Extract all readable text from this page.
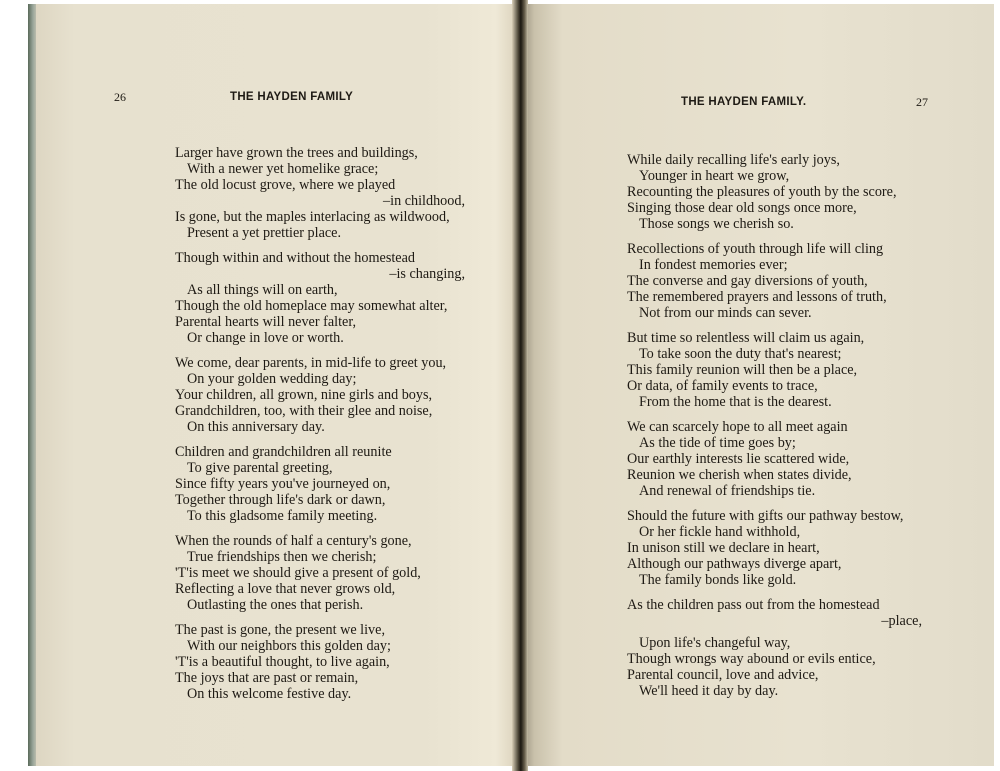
26	THE HAYDEN FAMILY
Larger have grown the trees and buildings,
With a newer yet homelike grace;
The old locust grove, where we played
–in childhood,
Is gone, but the maples interlacing as wildwood,
Present a yet prettier place.
Though within and without the homestead
–is changing,
As all things will on earth,
Though the old homeplace may somewhat alter,
Parental hearts will never falter,
Or change in love or worth.
We come, dear parents, in mid-life to greet you,
On your golden wedding day;
Your children, all grown, nine girls and boys,
Grandchildren, too, with their glee and noise,
On this anniversary day.
Children and grandchildren all reunite
To give parental greeting,
Since fifty years you've journeyed on,
Together through life's dark or dawn,
To this gladsome family meeting.
When the rounds of half a century's gone,
True friendships then we cherish;
'T'is meet we should give a present of gold,
Reflecting a love that never grows old,
Outlasting the ones that perish.
The past is gone, the present we live,
With our neighbors this golden day;
'T'is a beautiful thought, to live again,
The joys that are past or remain,
On this welcome festive day.
THE HAYDEN FAMILY.	27
While daily recalling life's early joys,
Younger in heart we grow,
Recounting the pleasures of youth by the score,
Singing those dear old songs once more,
Those songs we cherish so.
Recollections of youth through life will cling
In fondest memories ever;
The converse and gay diversions of youth,
The remembered prayers and lessons of truth,
Not from our minds can sever.
But time so relentless will claim us again,
To take soon the duty that's nearest;
This family reunion will then be a place,
Or data, of family events to trace,
From the home that is the dearest.
We can scarcely hope to all meet again
As the tide of time goes by;
Our earthly interests lie scattered wide,
Reunion we cherish when states divide,
And renewal of friendships tie.
Should the future with gifts our pathway bestow,
Or her fickle hand withhold,
In unison still we declare in heart,
Although our pathways diverge apart,
The family bonds like gold.
As the children pass out from the homestead
–place,
Upon life's changeful way,
Though wrongs way abound or evils entice,
Parental council, love and advice,
We'll heed it day by day.
